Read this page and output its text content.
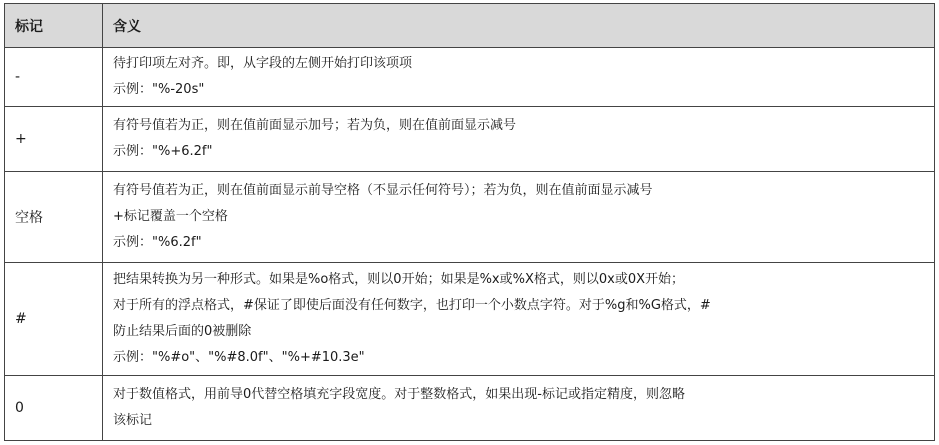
标记	含义
-	待打印项左对齐。即，从字段的左侧开始打印该项项
示例："%-20s"

+	有符号值若为正，则在值前面显示加号；若为负，则在值前面显示减号
示例："%+6.2f"

空格	有符号值若为正，则在值前面显示前导空格（不显示任何符号）；若为负，则在值前面显示减号
+标记覆盖一个空格
示例："%6.2f"

#	把结果转换为另一种形式。如果是%o格式，则以0开始；如果是%x或%X格式，则以0x或0X开始；
对于所有的浮点格式，#保证了即使后面没有任何数字，也打印一个小数点字符。对于%g和%G格式，#
防止结果后面的0被删除
示例："%#o"、"%#8.0f"、"%+#10.3e"

0	对于数值格式，用前导0代替空格填充字段宽度。对于整数格式，如果出现-标记或指定精度，则忽略
该标记
